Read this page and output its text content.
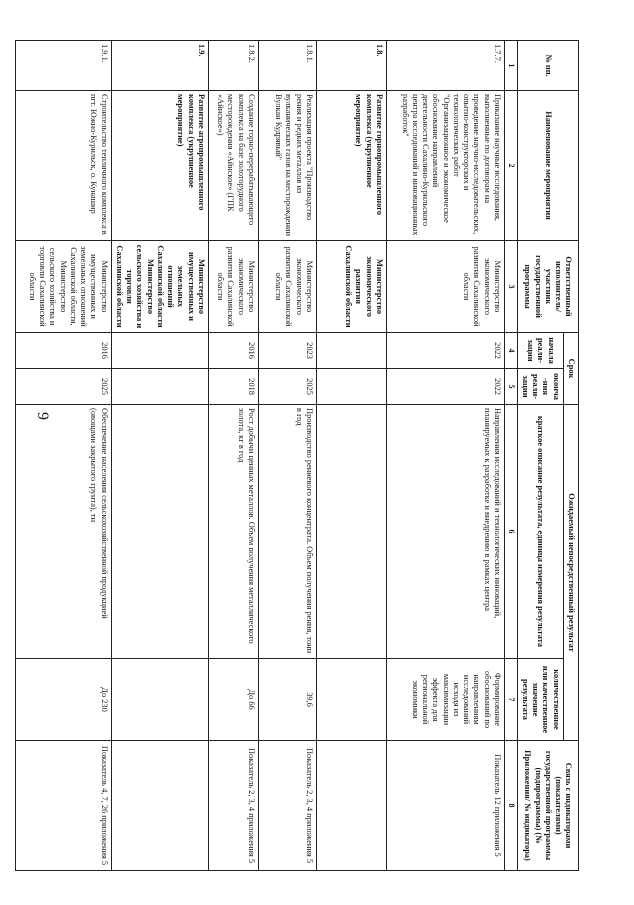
9
№ пп.	Наименование мероприятия	Ответственный исполнитель/участник государственной программы	Срок		Ожидаемый непосредственный результат		Связь с индикаторами (показателями) государственной программы (подпрограммы) (№ Приложения/ № индикатора)
			начала реали-зации	оконча-ния реали-зации	краткое описание результата, единица измерения результата	количественное или качественное значение результата	
1	2	3	4	5	6	7	8
1.7.7.	Приказание научные исследования, выполненные по договорам на проведение научно-исследовательских, опытно-конструкторских и технологических работ "Организационное и экономическое обоснование направлений деятельности Сахалино-Курильского центра исследований и инновационных разработок"	Министерство экономического развития Сахалинской области	2022	2022	Направления исследований и технологических инноваций, планируемых к разработке и внедрению в рамках центра	Формирование обоснований по направлениям исследований исходя из максимизации эффекта для региональной экономики	Показатель 12 приложения 5
1.8.	Развитие горнопромышленного комплекса (укрупненное мероприятие)	Министерство экономического развития Сахалинской области					
1.8.1.	Реализация проекта "Производство рения и редких металлов из вулканических газов на месторождении Вулкан Кудрявый"	Министерство экономического развития Сахалинской области	2023	2025	Производство рениевого концентрата. Объем получения рения, тонн в год	39,6	Показатель 2, 3, 4 приложения 5
1.8.2.	Создание горно-перерабатывающего комплекса на базе золоторудного месторождения «Айнское» (ГПК «Айнское»)	Министерство экономического развития Сахалинской области	2016	2018	Рост добычи ценных металлов. Объем получения металлического золота, кг в год	До 66	Показатель 2, 3, 4 приложения 5
1.9.	Развитие агропромышленного комплекса (укрупненное мероприятие)	Министерство имущественных и земельных отношений Сахалинской области Министерство сельского хозяйства и торговли Сахалинской области					
1.9.1.	Строительство тепличного комплекса в пгт. Южно-Курильск, о. Кунашир	Министерство имущественных и земельных отношений Сахалинской области, Министерство сельского хозяйства и торговли Сахалинской области	2016	2025	Обеспечение населения сельскохозяйственной продукцией (овощами закрытого грунта), тн	До 230	Показатель 4, 7, 26 приложения 5
